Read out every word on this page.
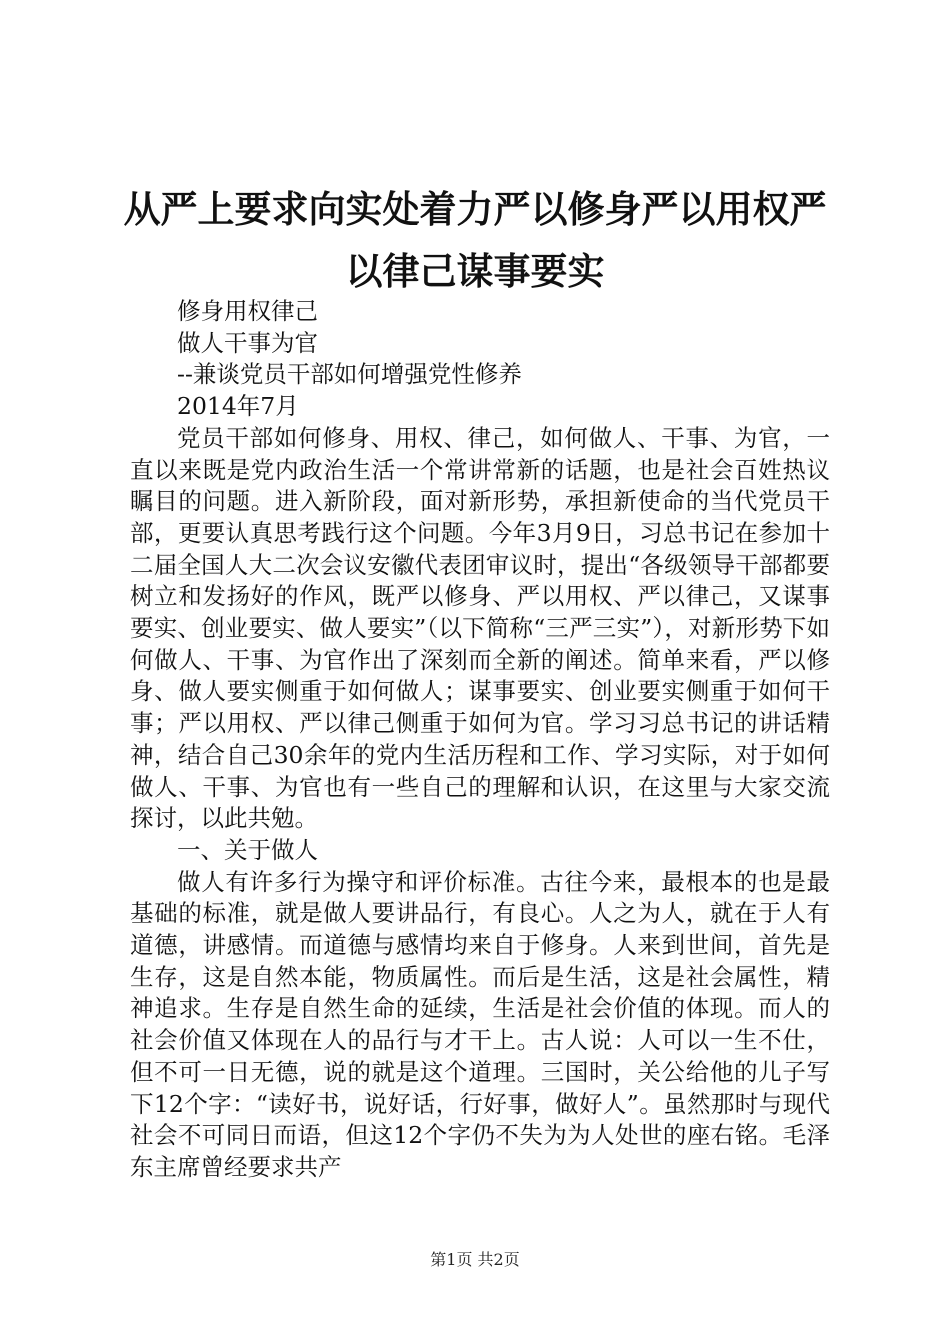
从严上要求向实处着力严以修身严以用权严以律己谋事要实

修身用权律己

做人干事为官

--兼谈党员干部如何增强党性修养

2014年7月

党员干部如何修身、用权、律己，如何做人、干事、为官，一直以来既是党内政治生活一个常讲常新的话题，也是社会百姓热议瞩目的问题。进入新阶段，面对新形势，承担新使命的当代党员干部，更要认真思考践行这个问题。今年3月9日，习总书记在参加十二届全国人大二次会议安徽代表团审议时，提出“各级领导干部都要树立和发扬好的作风，既严以修身、严以用权、严以律己，又谋事要实、创业要实、做人要实”（以下简称“三严三实”），对新形势下如何做人、干事、为官作出了深刻而全新的阐述。简单来看，严以修身、做人要实侧重于如何做人；谋事要实、创业要实侧重于如何干事；严以用权、严以律己侧重于如何为官。学习习总书记的讲话精神，结合自己30余年的党内生活历程和工作、学习实际，对于如何做人、干事、为官也有一些自己的理解和认识，在这里与大家交流探讨，以此共勉。

一、关于做人

做人有许多行为操守和评价标准。古往今来，最根本的也是最基础的标准，就是做人要讲品行，有良心。人之为人，就在于人有道德，讲感情。而道德与感情均来自于修身。人来到世间，首先是生存，这是自然本能，物质属性。而后是生活，这是社会属性，精神追求。生存是自然生命的延续，生活是社会价值的体现。而人的社会价值又体现在人的品行与才干上。古人说：人可以一生不仕，但不可一日无德，说的就是这个道理。三国时，关公给他的儿子写下12个字：“读好书，说好话，行好事，做好人”。虽然那时与现代社会不可同日而语，但这12个字仍不失为为人处世的座右铭。毛泽东主席曾经要求共产

第1页 共2页
